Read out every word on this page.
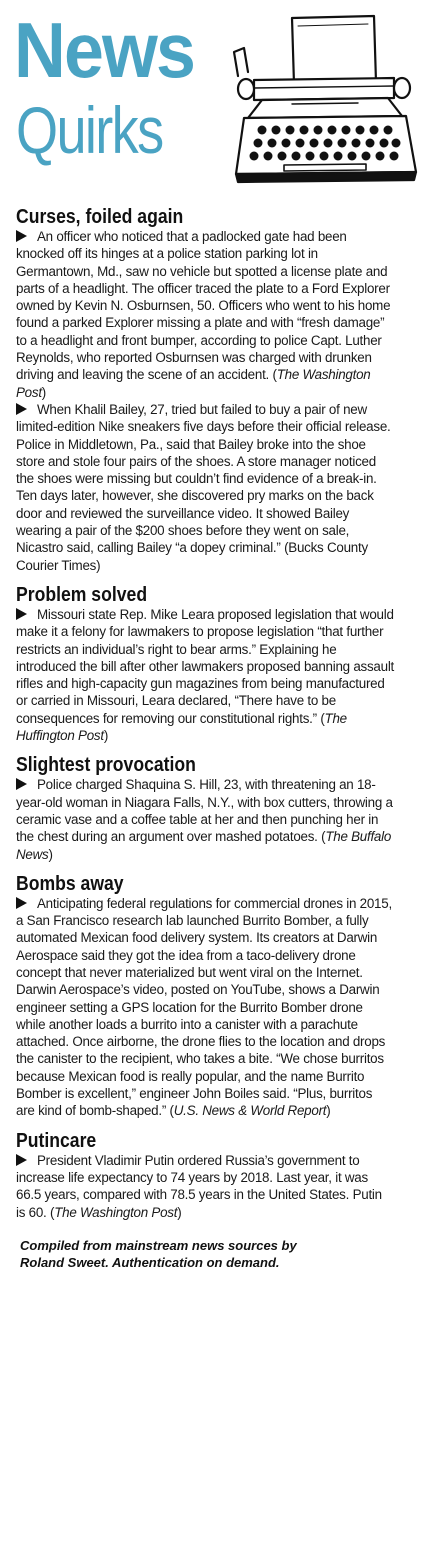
News
Quirks
Curses, foiled again

An officer who noticed that a padlocked gate had been knocked off its hinges at a police station parking lot in Germantown, Md., saw no vehicle but spotted a license plate and parts of a headlight. The officer traced the plate to a Ford Explorer owned by Kevin N. Osburnsen, 50. Officers who went to his home found a parked Explorer missing a plate and with “fresh damage” to a headlight and front bumper, according to police Capt. Luther Reynolds, who reported Osburnsen was charged with drunken driving and leaving the scene of an accident. (The Washington Post)

When Khalil Bailey, 27, tried but failed to buy a pair of new limited-edition Nike sneakers five days before their official release. Police in Middletown, Pa., said that Bailey broke into the shoe store and stole four pairs of the shoes. A store manager noticed the shoes were missing but couldn’t find evidence of a break-in. Ten days later, however, she discovered pry marks on the back door and reviewed the surveillance video. It showed Bailey wearing a pair of the $200 shoes before they went on sale, Nicastro said, calling Bailey “a dopey criminal.” (Bucks County Courier Times)

Problem solved

Missouri state Rep. Mike Leara proposed legislation that would make it a felony for lawmakers to propose legislation “that further restricts an individual’s right to bear arms.” Explaining he introduced the bill after other lawmakers proposed banning assault rifles and high-capacity gun magazines from being manufactured or carried in Missouri, Leara declared, “There have to be consequences for removing our constitutional rights.” (The Huffington Post)

Slightest provocation

Police charged Shaquina S. Hill, 23, with threatening an 18-year-old woman in Niagara Falls, N.Y., with box cutters, throwing a ceramic vase and a coffee table at her and then punching her in the chest during an argument over mashed potatoes. (The Buffalo News)

Bombs away

Anticipating federal regulations for commercial drones in 2015, a San Francisco research lab launched Burrito Bomber, a fully automated Mexican food delivery system. Its creators at Darwin Aerospace said they got the idea from a taco-delivery drone concept that never materialized but went viral on the Internet. Darwin Aerospace’s video, posted on YouTube, shows a Darwin engineer setting a GPS location for the Burrito Bomber drone while another loads a burrito into a canister with a parachute attached. Once airborne, the drone flies to the location and drops the canister to the recipient, who takes a bite. “We chose burritos because Mexican food is really popular, and the name Burrito Bomber is excellent,” engineer John Boiles said. “Plus, burritos are kind of bomb-shaped.” (U.S. News & World Report)

Putincare

President Vladimir Putin ordered Russia’s government to increase life expectancy to 74 years by 2018. Last year, it was 66.5 years, compared with 78.5 years in the United States. Putin is 60. (The Washington Post)

Compiled from mainstream news sources by
Roland Sweet. Authentication on demand.
